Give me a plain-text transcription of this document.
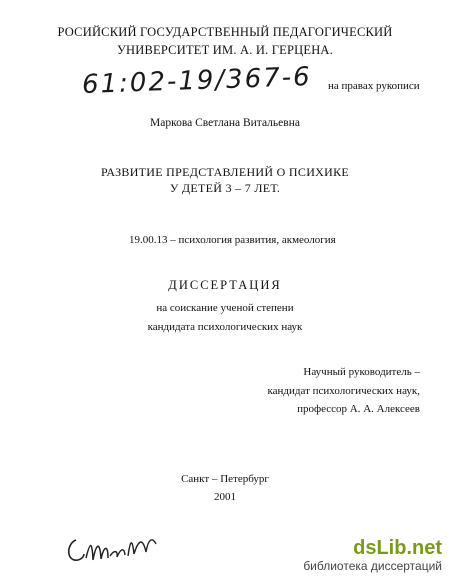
РОСИЙСКИЙ ГОСУДАРСТВЕННЫЙ ПЕДАГОГИЧЕСКИЙ
УНИВЕРСИТЕТ ИМ. А. И. ГЕРЦЕНА.
61:02-19/367-6 на правах рукописи
Маркова Светлана Витальевна
РАЗВИТИЕ ПРЕДСТАВЛЕНИЙ О ПСИХИКЕ
У ДЕТЕЙ 3 – 7 ЛЕТ.
19.00.13 – психология развития, акмеология
ДИССЕРТАЦИЯ
на соискание ученой степени
кандидата психологических наук
Научный руководитель –
кандидат психологических наук,
профессор А. А. Алексеев
Санкт – Петербург
2001
dsLib.net
библиотека диссертаций
